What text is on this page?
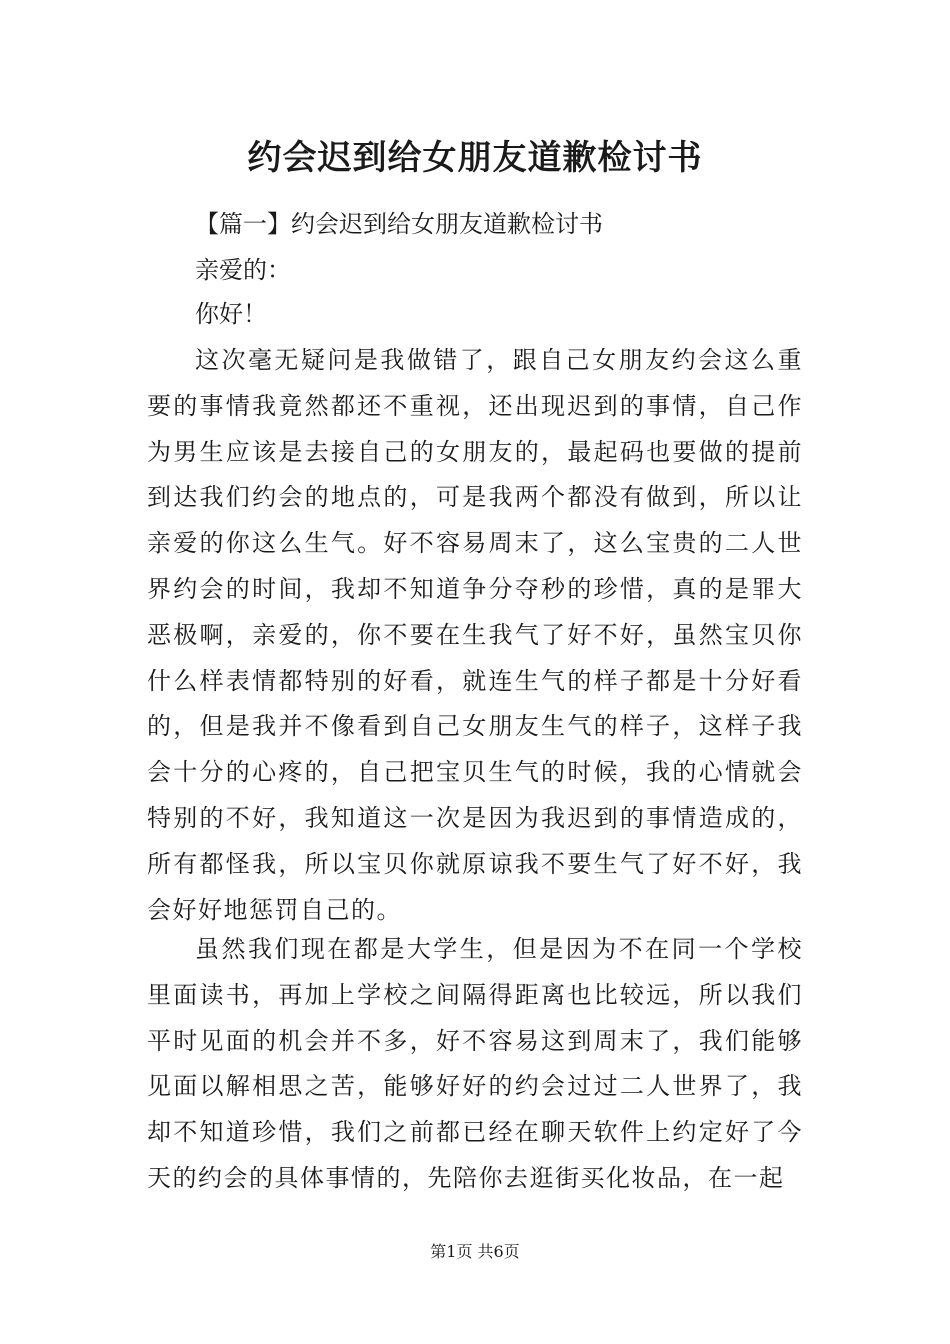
约会迟到给女朋友道歉检讨书

【篇一】约会迟到给女朋友道歉检讨书

亲爱的：

你好！

这次毫无疑问是我做错了，跟自己女朋友约会这么重要的事情我竟然都还不重视，还出现迟到的事情，自己作为男生应该是去接自己的女朋友的，最起码也要做的提前到达我们约会的地点的，可是我两个都没有做到，所以让亲爱的你这么生气。好不容易周末了，这么宝贵的二人世界约会的时间，我却不知道争分夺秒的珍惜，真的是罪大恶极啊，亲爱的，你不要在生我气了好不好，虽然宝贝你什么样表情都特别的好看，就连生气的样子都是十分好看的，但是我并不像看到自己女朋友生气的样子，这样子我会十分的心疼的，自己把宝贝生气的时候，我的心情就会特别的不好，我知道这一次是因为我迟到的事情造成的，所有都怪我，所以宝贝你就原谅我不要生气了好不好，我会好好地惩罚自己的。

虽然我们现在都是大学生，但是因为不在同一个学校里面读书，再加上学校之间隔得距离也比较远，所以我们平时见面的机会并不多，好不容易这到周末了，我们能够见面以解相思之苦，能够好好的约会过过二人世界了，我却不知道珍惜，我们之前都已经在聊天软件上约定好了今天的约会的具体事情的，先陪你去逛街买化妆品，在一起

第1页 共6页
